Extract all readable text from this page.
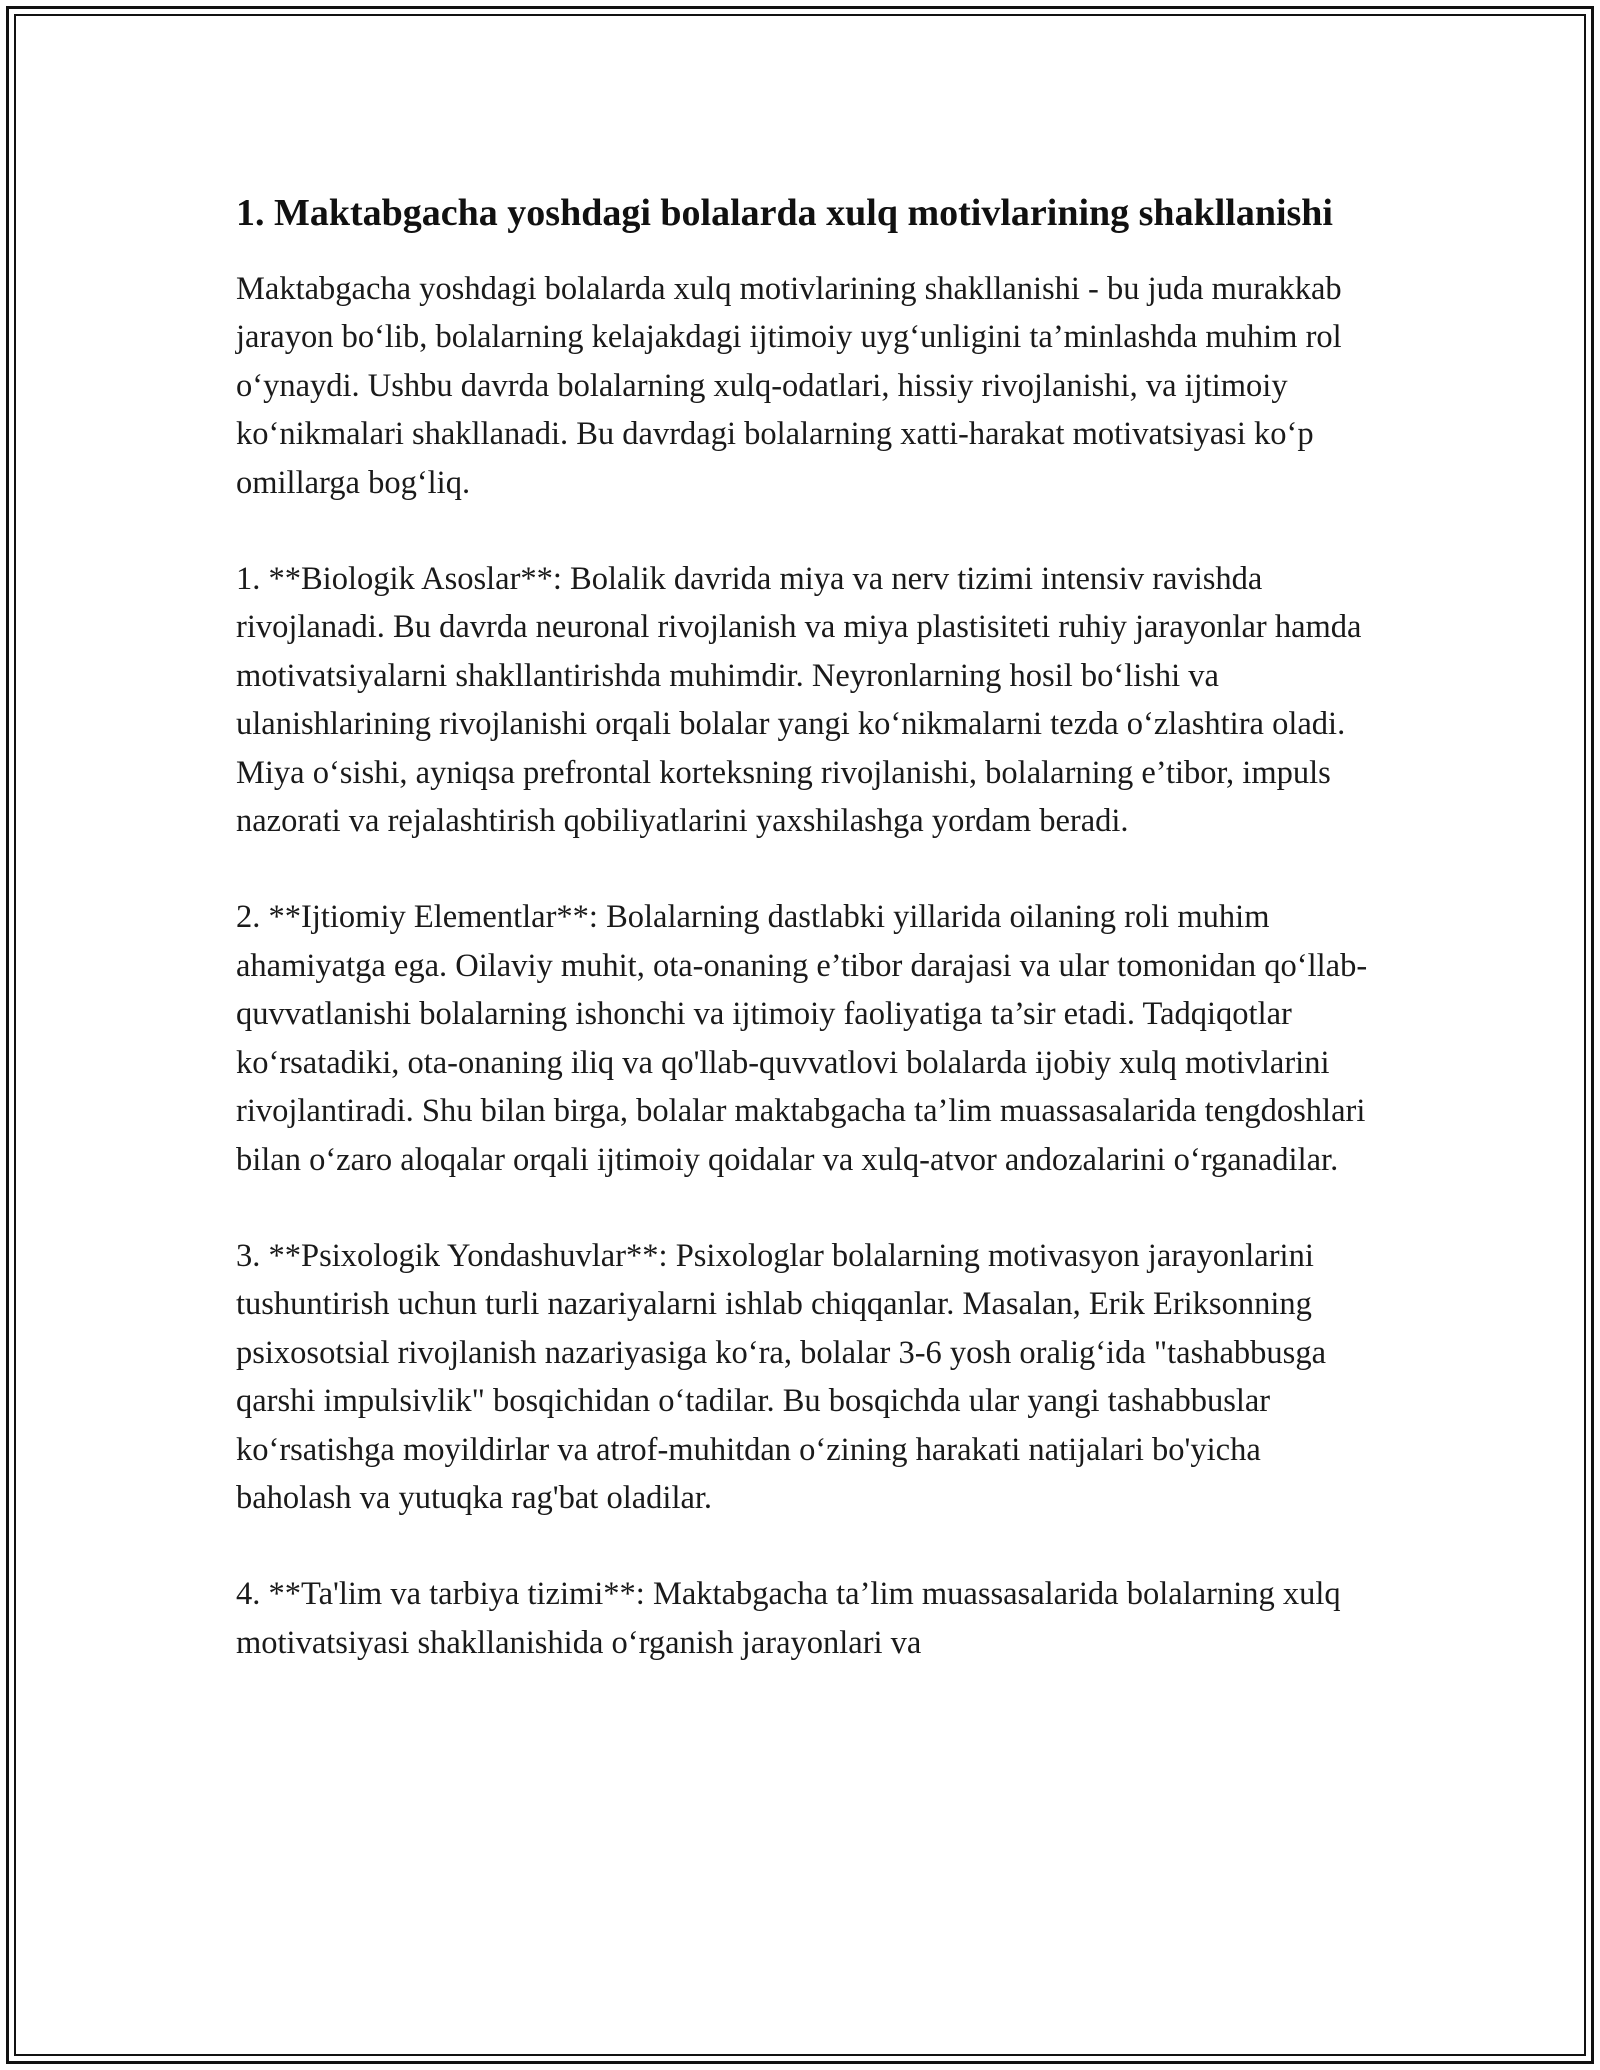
1. Maktabgacha yoshdagi bolalarda xulq motivlarining shakllanishi

Maktabgacha yoshdagi bolalarda xulq motivlarining shakllanishi - bu juda murakkab jarayon bo‘lib, bolalarning kelajakdagi ijtimoiy uyg‘unligini ta’minlashda muhim rol o‘ynaydi. Ushbu davrda bolalarning xulq-odatlari, hissiy rivojlanishi, va ijtimoiy ko‘nikmalari shakllanadi. Bu davrdagi bolalarning xatti-harakat motivatsiyasi ko‘p omillarga bog‘liq.

1. **Biologik Asoslar**: Bolalik davrida miya va nerv tizimi intensiv ravishda rivojlanadi. Bu davrda neuronal rivojlanish va miya plastisiteti ruhiy jarayonlar hamda motivatsiyalarni shakllantirishda muhimdir. Neyronlarning hosil bo‘lishi va ulanishlarining rivojlanishi orqali bolalar yangi ko‘nikmalarni tezda o‘zlashtira oladi. Miya o‘sishi, ayniqsa prefrontal korteksning rivojlanishi, bolalarning e’tibor, impuls nazorati va rejalashtirish qobiliyatlarini yaxshilashga yordam beradi.

2. **Ijtiomiy Elementlar**: Bolalarning dastlabki yillarida oilaning roli muhim ahamiyatga ega. Oilaviy muhit, ota-onaning e’tibor darajasi va ular tomonidan qo‘llab-quvvatlanishi bolalarning ishonchi va ijtimoiy faoliyatiga ta’sir etadi. Tadqiqotlar ko‘rsatadiki, ota-onaning iliq va qo'llab-quvvatlovi bolalarda ijobiy xulq motivlarini rivojlantiradi. Shu bilan birga, bolalar maktabgacha ta’lim muassasalarida tengdoshlari bilan o‘zaro aloqalar orqali ijtimoiy qoidalar va xulq-atvor andozalarini o‘rganadilar.

3. **Psixologik Yondashuvlar**: Psixologlar bolalarning motivasyon jarayonlarini tushuntirish uchun turli nazariyalarni ishlab chiqqanlar. Masalan, Erik Eriksonning psixosotsial rivojlanish nazariyasiga ko‘ra, bolalar 3-6 yosh oralig‘ida "tashabbusga qarshi impulsivlik" bosqichidan o‘tadilar. Bu bosqichda ular yangi tashabbuslar ko‘rsatishga moyildirlar va atrof-muhitdan o‘zining harakati natijalari bo'yicha baholash va yutuqka rag'bat oladilar.

4. **Ta'lim va tarbiya tizimi**: Maktabgacha ta’lim muassasalarida bolalarning xulq motivatsiyasi shakllanishida o‘rganish jarayonlari va
